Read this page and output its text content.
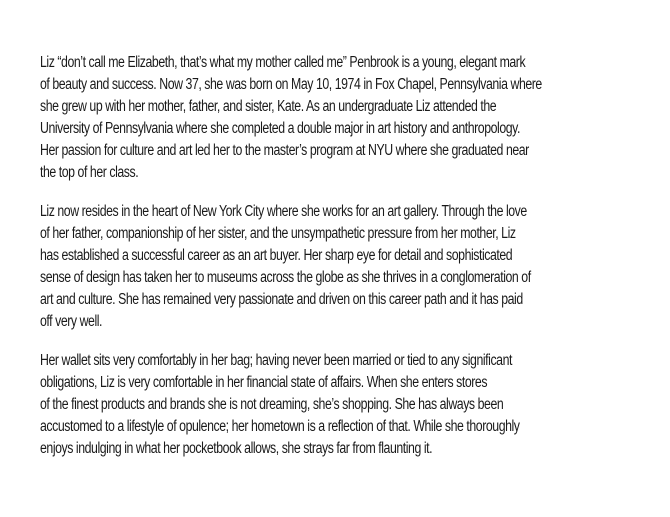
Liz “don’t call me Elizabeth, that’s what my mother called me” Penbrook is a young, elegant mark
of beauty and success. Now 37, she was born on May 10, 1974 in Fox Chapel, Pennsylvania where
she grew up with her mother, father, and sister, Kate. As an undergraduate Liz attended the
University of Pennsylvania where she completed a double major in art history and anthropology.
Her passion for culture and art led her to the master’s program at NYU where she graduated near
the top of her class.
Liz now resides in the heart of New York City where she works for an art gallery. Through the love
of her father, companionship of her sister, and the unsympathetic pressure from her mother, Liz
has established a successful career as an art buyer. Her sharp eye for detail and sophisticated
sense of design has taken her to museums across the globe as she thrives in a conglomeration of
art and culture. She has remained very passionate and driven on this career path and it has paid
off very well.
Her wallet sits very comfortably in her bag; having never been married or tied to any significant
obligations, Liz is very comfortable in her financial state of affairs. When she enters stores
of the finest products and brands she is not dreaming, she’s shopping. She has always been
accustomed to a lifestyle of opulence; her hometown is a reflection of that. While she thoroughly
enjoys indulging in what her pocketbook allows, she strays far from flaunting it.
